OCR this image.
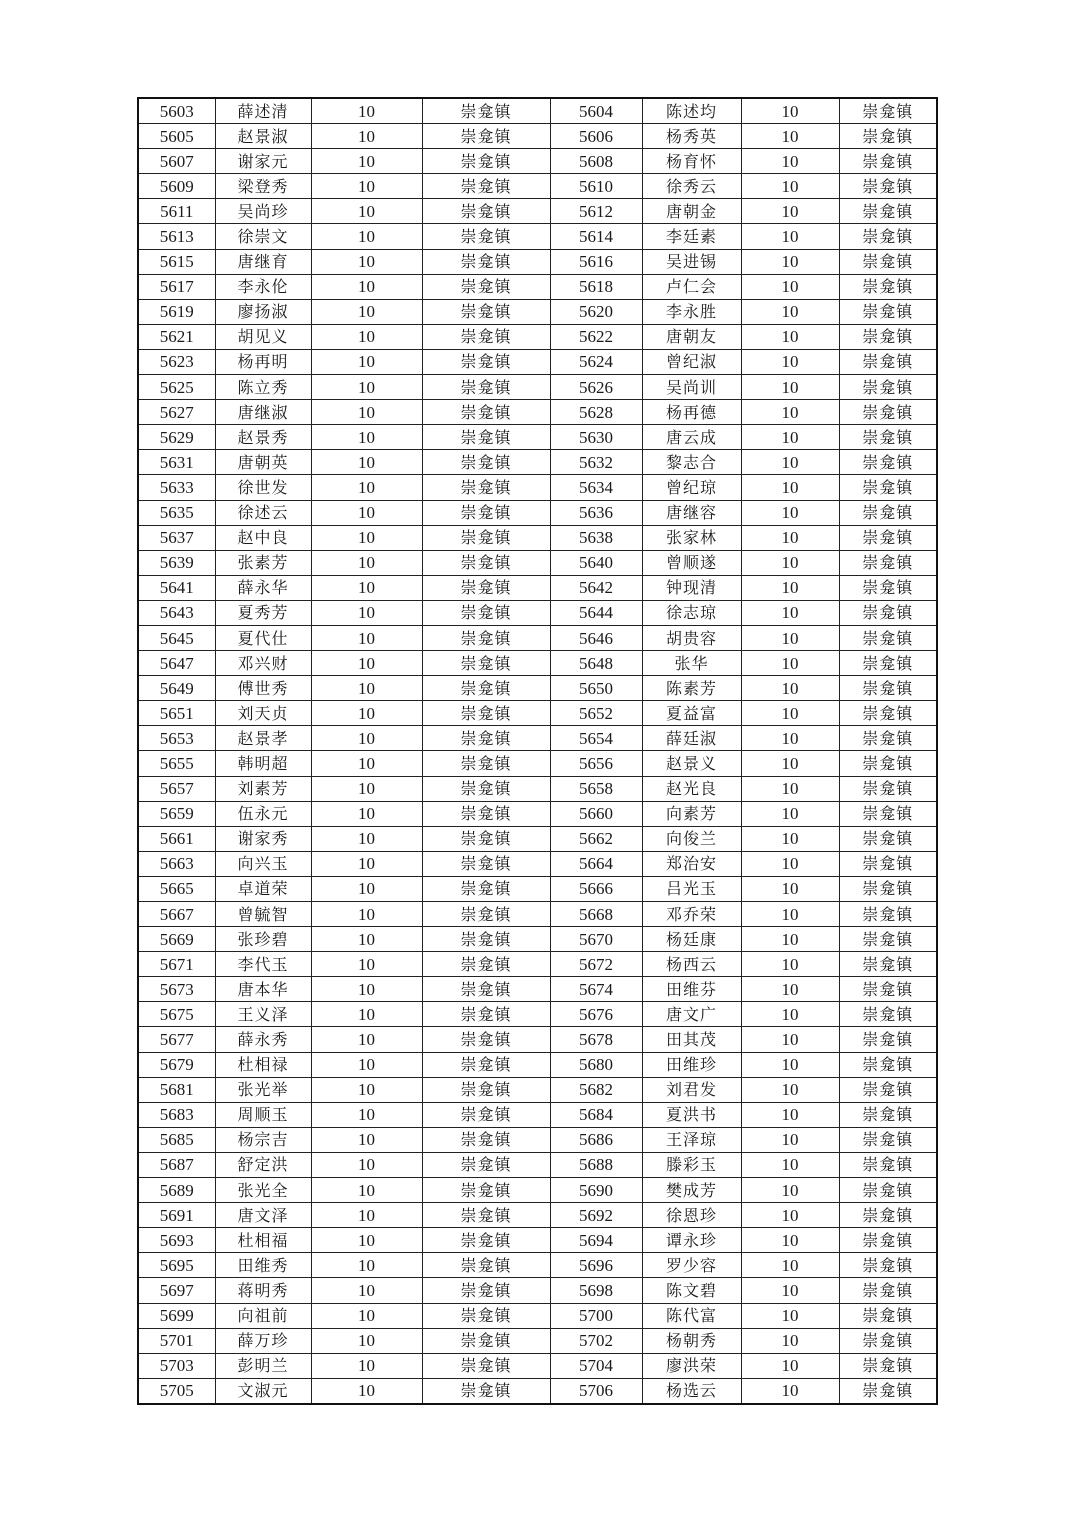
5603	薛述清	10	崇龛镇	5604	陈述均	10	崇龛镇
5605	赵景淑	10	崇龛镇	5606	杨秀英	10	崇龛镇
5607	谢家元	10	崇龛镇	5608	杨育怀	10	崇龛镇
5609	梁登秀	10	崇龛镇	5610	徐秀云	10	崇龛镇
5611	吴尚珍	10	崇龛镇	5612	唐朝金	10	崇龛镇
5613	徐崇文	10	崇龛镇	5614	李廷素	10	崇龛镇
5615	唐继育	10	崇龛镇	5616	吴进锡	10	崇龛镇
5617	李永伦	10	崇龛镇	5618	卢仁会	10	崇龛镇
5619	廖扬淑	10	崇龛镇	5620	李永胜	10	崇龛镇
5621	胡见义	10	崇龛镇	5622	唐朝友	10	崇龛镇
5623	杨再明	10	崇龛镇	5624	曾纪淑	10	崇龛镇
5625	陈立秀	10	崇龛镇	5626	吴尚训	10	崇龛镇
5627	唐继淑	10	崇龛镇	5628	杨再德	10	崇龛镇
5629	赵景秀	10	崇龛镇	5630	唐云成	10	崇龛镇
5631	唐朝英	10	崇龛镇	5632	黎志合	10	崇龛镇
5633	徐世发	10	崇龛镇	5634	曾纪琼	10	崇龛镇
5635	徐述云	10	崇龛镇	5636	唐继容	10	崇龛镇
5637	赵中良	10	崇龛镇	5638	张家林	10	崇龛镇
5639	张素芳	10	崇龛镇	5640	曾顺遂	10	崇龛镇
5641	薛永华	10	崇龛镇	5642	钟现清	10	崇龛镇
5643	夏秀芳	10	崇龛镇	5644	徐志琼	10	崇龛镇
5645	夏代仕	10	崇龛镇	5646	胡贵容	10	崇龛镇
5647	邓兴财	10	崇龛镇	5648	张华	10	崇龛镇
5649	傅世秀	10	崇龛镇	5650	陈素芳	10	崇龛镇
5651	刘天贞	10	崇龛镇	5652	夏益富	10	崇龛镇
5653	赵景孝	10	崇龛镇	5654	薛廷淑	10	崇龛镇
5655	韩明超	10	崇龛镇	5656	赵景义	10	崇龛镇
5657	刘素芳	10	崇龛镇	5658	赵光良	10	崇龛镇
5659	伍永元	10	崇龛镇	5660	向素芳	10	崇龛镇
5661	谢家秀	10	崇龛镇	5662	向俊兰	10	崇龛镇
5663	向兴玉	10	崇龛镇	5664	郑治安	10	崇龛镇
5665	卓道荣	10	崇龛镇	5666	吕光玉	10	崇龛镇
5667	曾毓智	10	崇龛镇	5668	邓乔荣	10	崇龛镇
5669	张珍碧	10	崇龛镇	5670	杨廷康	10	崇龛镇
5671	李代玉	10	崇龛镇	5672	杨西云	10	崇龛镇
5673	唐本华	10	崇龛镇	5674	田维芬	10	崇龛镇
5675	王义泽	10	崇龛镇	5676	唐文广	10	崇龛镇
5677	薛永秀	10	崇龛镇	5678	田其茂	10	崇龛镇
5679	杜相禄	10	崇龛镇	5680	田维珍	10	崇龛镇
5681	张光举	10	崇龛镇	5682	刘君发	10	崇龛镇
5683	周顺玉	10	崇龛镇	5684	夏洪书	10	崇龛镇
5685	杨宗吉	10	崇龛镇	5686	王泽琼	10	崇龛镇
5687	舒定洪	10	崇龛镇	5688	滕彩玉	10	崇龛镇
5689	张光全	10	崇龛镇	5690	樊成芳	10	崇龛镇
5691	唐文泽	10	崇龛镇	5692	徐恩珍	10	崇龛镇
5693	杜相福	10	崇龛镇	5694	谭永珍	10	崇龛镇
5695	田维秀	10	崇龛镇	5696	罗少容	10	崇龛镇
5697	蒋明秀	10	崇龛镇	5698	陈文碧	10	崇龛镇
5699	向祖前	10	崇龛镇	5700	陈代富	10	崇龛镇
5701	薛万珍	10	崇龛镇	5702	杨朝秀	10	崇龛镇
5703	彭明兰	10	崇龛镇	5704	廖洪荣	10	崇龛镇
5705	文淑元	10	崇龛镇	5706	杨选云	10	崇龛镇
